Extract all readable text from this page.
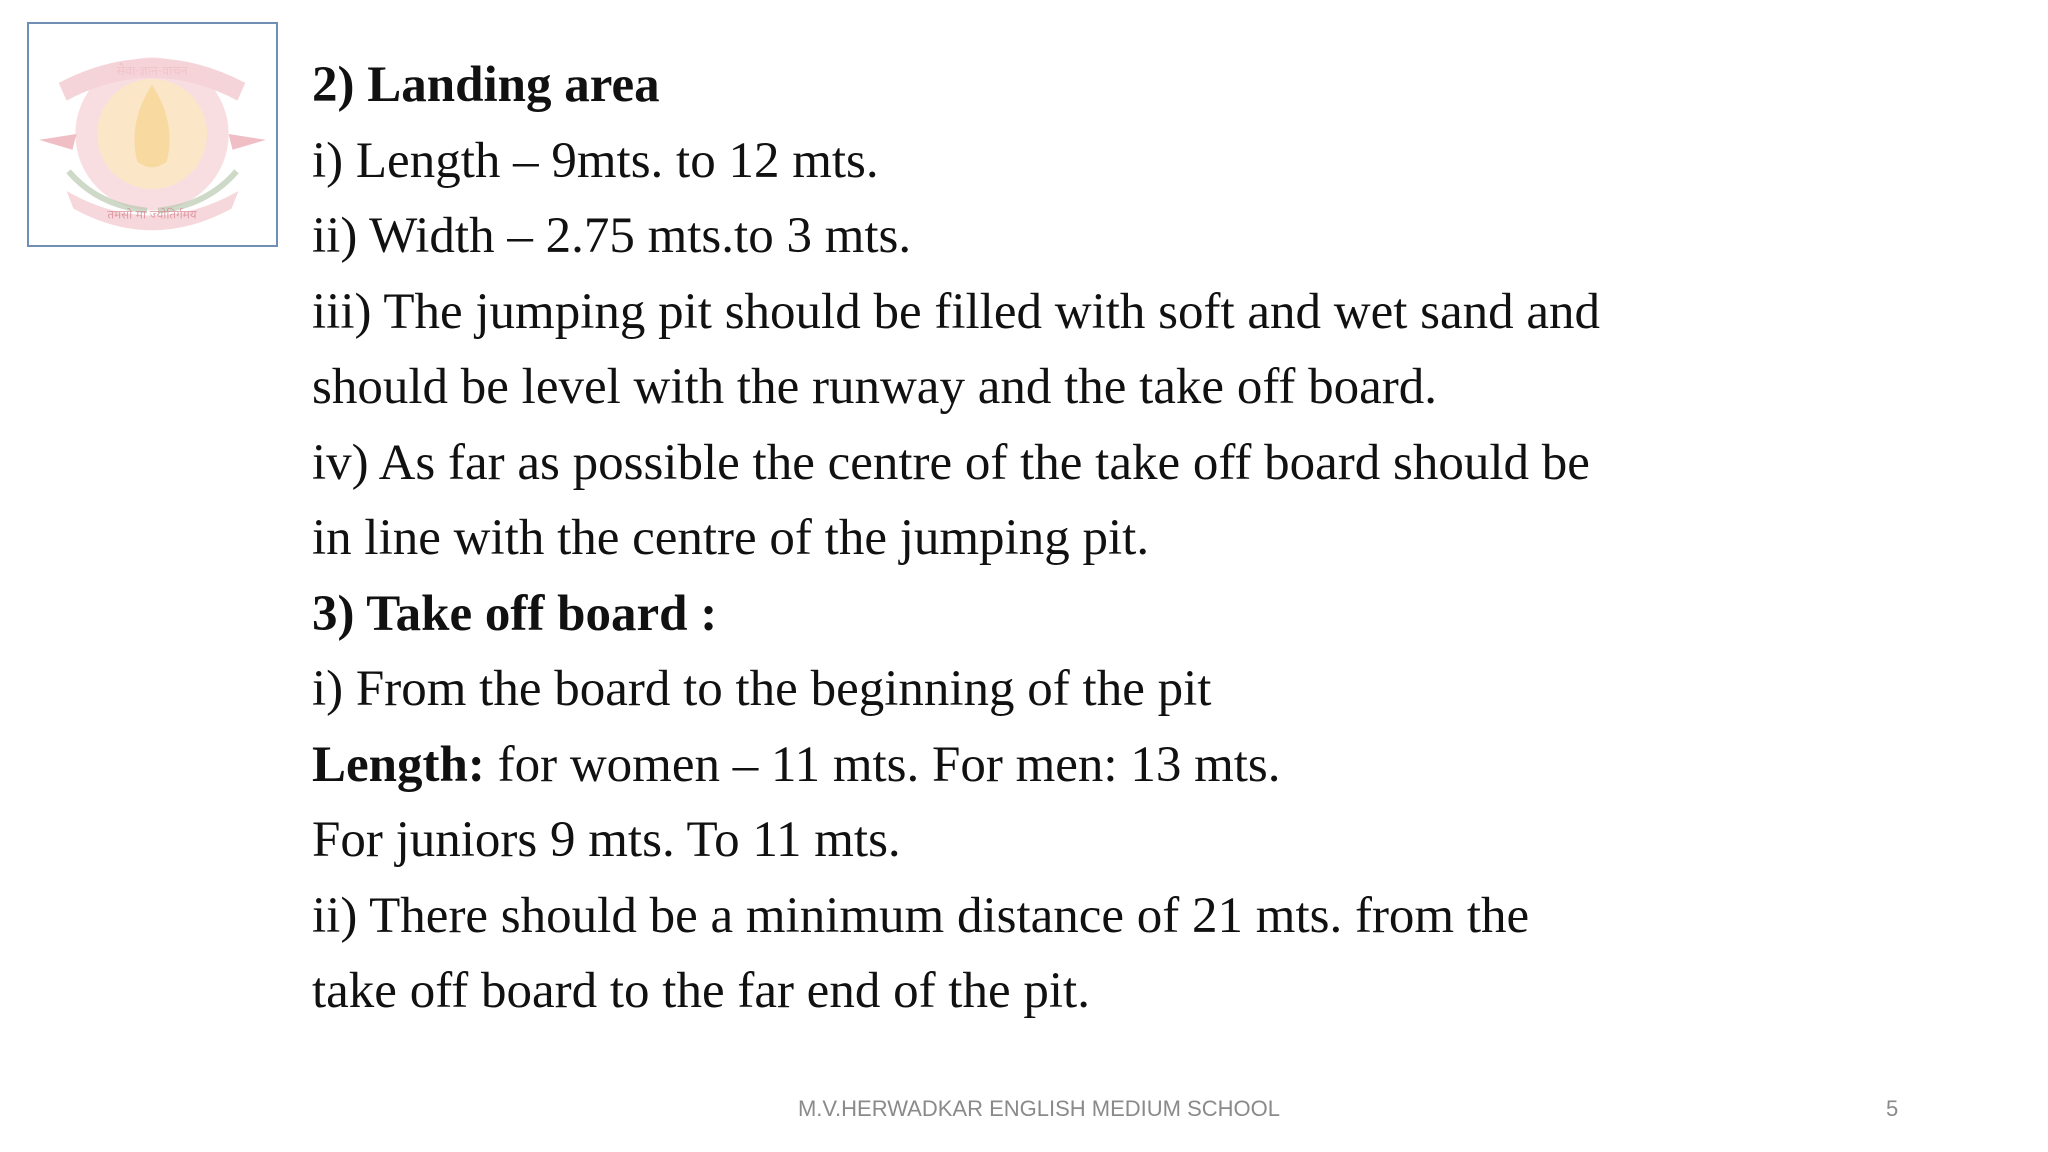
तमसो मा ज्योतिर्गमय
2) Landing area
i) Length – 9mts. to 12 mts.
ii) Width – 2.75 mts.to 3 mts.
iii) The jumping pit should be filled with soft and wet sand and
should be level with the runway and the take off board.
iv) As far as possible the centre of the take off board should be
in line with the centre of the jumping pit.
3) Take off board :
i) From the board to the beginning of the pit
Length: for women – 11 mts. For men: 13 mts.
For juniors 9 mts. To 11 mts.
ii) There should be a minimum distance of 21 mts. from the
take off board to the far end of the pit.
M.V.HERWADKAR ENGLISH MEDIUM SCHOOL	5
